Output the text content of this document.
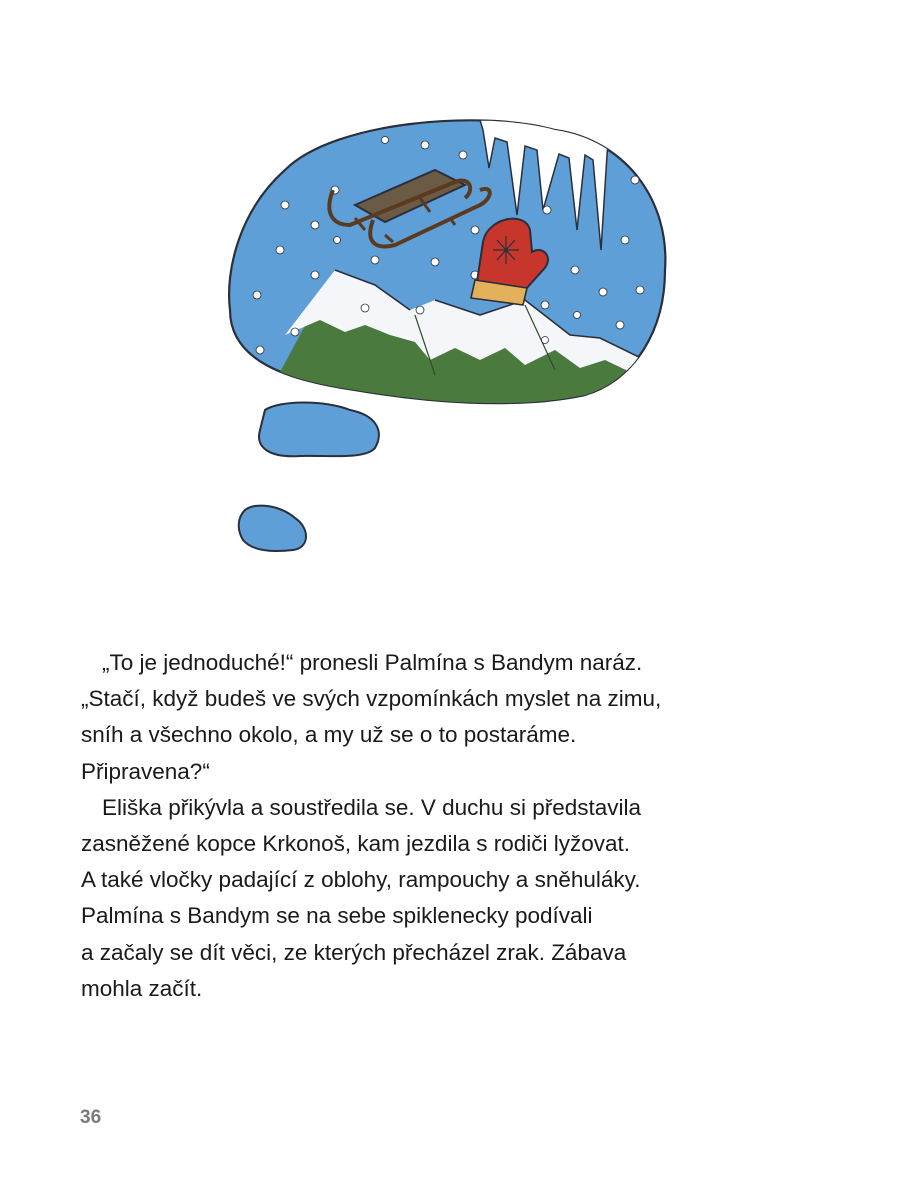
„To je jednoduché!“ pronesli Palmína s Bandym naráz.
„Stačí, když budeš ve svých vzpomínkách myslet na zimu,
sníh a všechno okolo, a my už se o to postaráme.
Připravena?“

Eliška přikývla a soustředila se. V duchu si představila
zasněžené kopce Krkonoš, kam jezdila s rodiči lyžovat.
A také vločky padající z oblohy, rampouchy a sněhuláky.
Palmína s Bandym se na sebe spiklenecky podívali
a začaly se dít věci, ze kterých přecházel zrak. Zábava
mohla začít.

36
